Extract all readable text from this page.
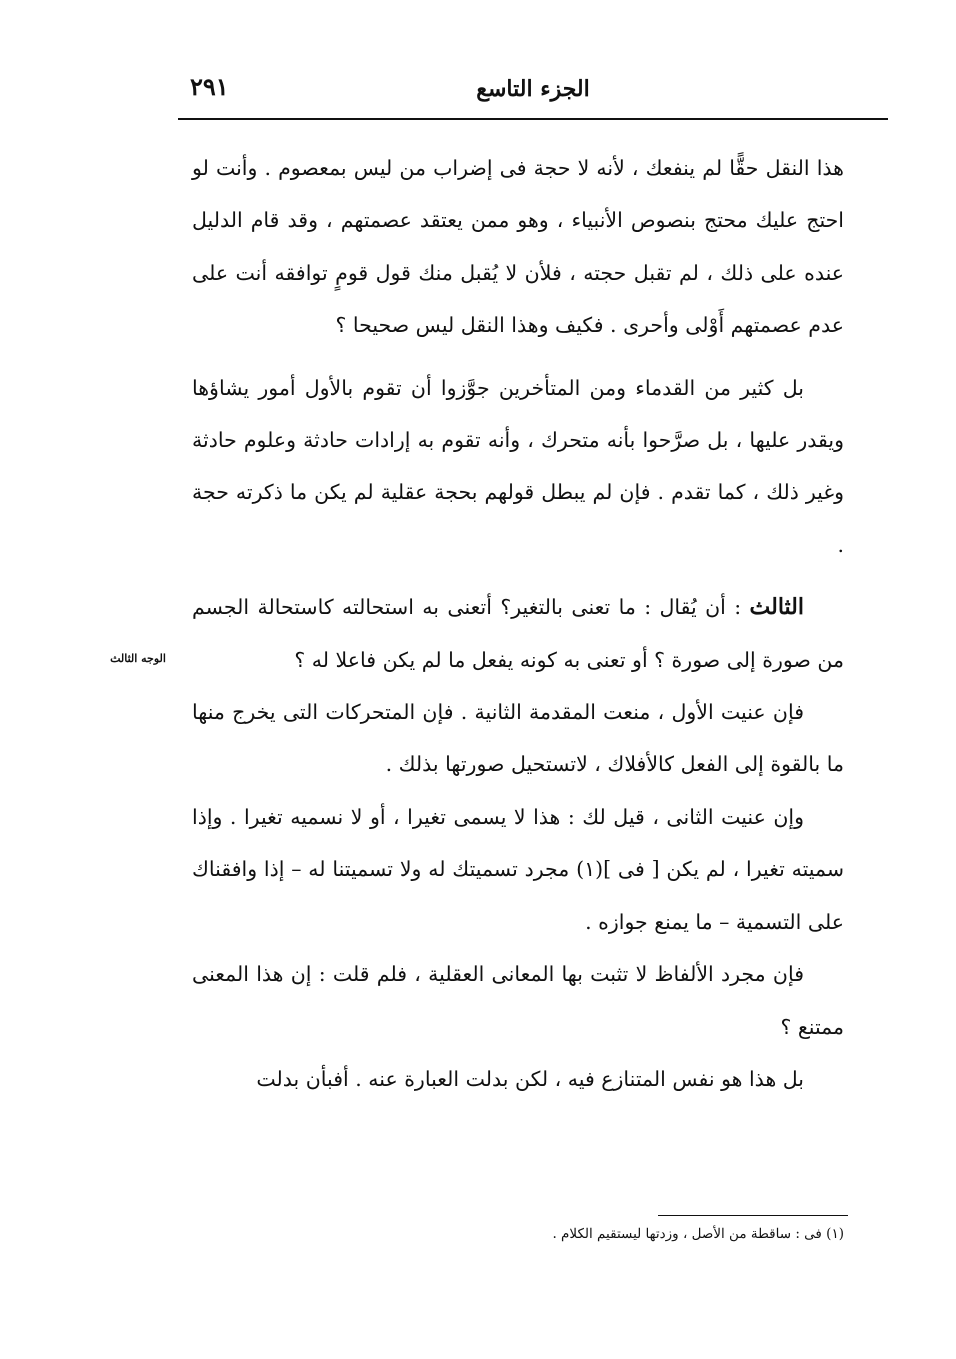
٢٩١	الجزء التاسع

هذا النقل حقًّا لم ينفعك ، لأنه لا حجة فى إضراب من ليس بمعصوم . وأنت لو احتج عليك محتج بنصوص الأنبياء ، وهو ممن يعتقد عصمتهم ، وقد قام الدليل عنده على ذلك ، لم تقبل حجته ، فلأن لا يُقبل منك قول قومٍ توافقه أنت على عدم عصمتهم أَوْلى وأحرى . فكيف وهذا النقل ليس صحيحا ؟

بل كثير من القدماء ومن المتأخرين جوَّزوا أن تقوم بالأول أمور يشاؤها ويقدر عليها ، بل صرَّحوا بأنه متحرك ، وأنه تقوم به إرادات حادثة وعلوم حادثة وغير ذلك ، كما تقدم . فإن لم يبطل قولهم بحجة عقلية لم يكن ما ذكرته حجة .

الثالث : أن يُقال : ما تعنى بالتغير؟ أتعنى به استحالته كاستحالة الجسم من صورة إلى صورة ؟ أو تعنى به كونه يفعل ما لم يكن فاعلا له ؟

فإن عنيت الأول ، منعت المقدمة الثانية . فإن المتحركات التى يخرج منها ما بالقوة إلى الفعل كالأفلاك ، لاتستحيل صورتها بذلك .

وإن عنيت الثانى ، قيل لك : هذا لا يسمى تغيرا ، أو لا نسميه تغيرا . وإذا سميته تغيرا ، لم يكن [ فى ](١) مجرد تسميتك له ولا تسميتنا له – إذا وافقناك على التسمية – ما يمنع جوازه .

فإن مجرد الألفاظ لا تثبت بها المعانى العقلية ، فلم قلت : إن هذا المعنى ممتنع ؟

بل هذا هو نفس المتنازع فيه ، لكن بدلت العبارة عنه . أفبأن بدلت

الوجه الثالث
(١) فى : ساقطة من الأصل ، وزدتها ليستقيم الكلام .
